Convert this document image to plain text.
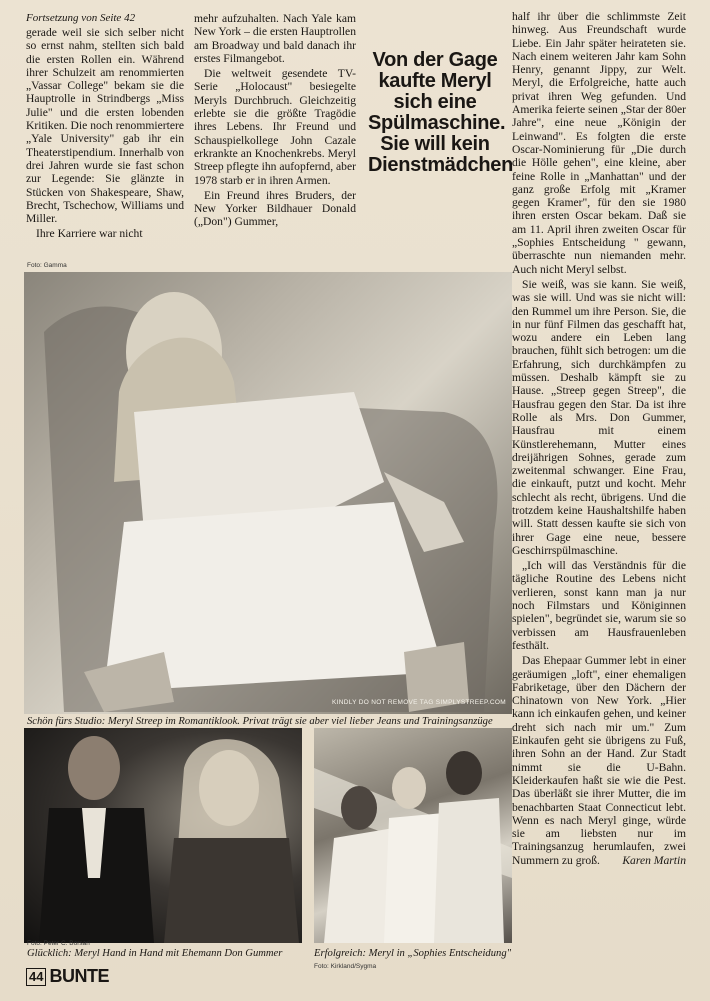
Fortsetzung von Seite 42

gerade weil sie sich selber nicht so ernst nahm, stellten sich bald die ersten Rollen ein. Während ihrer Schulzeit am renommierten „Vassar College" bekam sie die Hauptrolle in Strindbergs „Miss Julie" und die ersten lobenden Kritiken. Die noch renommiertere „Yale University" gab ihr ein Theaterstipendium. Innerhalb von drei Jahren wurde sie fast schon zur Legende: Sie glänzte in Stücken von Shakespeare, Shaw, Brecht, Tschechow, Williams und Miller.

Ihre Karriere war nicht

mehr aufzuhalten. Nach Yale kam New York – die ersten Hauptrollen am Broadway und bald danach ihr erstes Filmangebot.

Die weltweit gesendete TV-Serie „Holocaust" besiegelte Meryls Durchbruch. Gleichzeitig erlebte sie die größte Tragödie ihres Lebens. Ihr Freund und Schauspielkollege John Cazale erkrankte an Knochenkrebs. Meryl Streep pflegte ihn aufopfernd, aber 1978 starb er in ihren Armen.

Ein Freund ihres Bruders, der New Yorker Bildhauer Donald („Don") Gummer,

Von der Gage kaufte Meryl sich eine Spülmaschine. Sie will kein Dienstmädchen

half ihr über die schlimmste Zeit hinweg. Aus Freundschaft wurde Liebe. Ein Jahr später heirateten sie. Nach einem weiteren Jahr kam Sohn Henry, genannt Jippy, zur Welt. Meryl, die Erfolgreiche, hatte auch privat ihren Weg gefunden. Und Amerika feierte seinen „Star der 80er Jahre", eine neue „Königin der Leinwand". Es folgten die erste Oscar-Nominierung für „Die durch die Hölle gehen", eine kleine, aber feine Rolle in „Manhattan" und der ganz große Erfolg mit „Kramer gegen Kramer", für den sie 1980 ihren ersten Oscar bekam. Daß sie am 11. April ihren zweiten Oscar für „Sophies Entscheidung " gewann, überraschte nun niemanden mehr. Auch nicht Meryl selbst.

Sie weiß, was sie kann. Sie weiß, was sie will. Und was sie nicht will: den Rummel um ihre Person. Sie, die in nur fünf Filmen das geschafft hat, wozu andere ein Leben lang brauchen, fühlt sich betrogen: um die Erfahrung, sich durchkämpfen zu müssen. Deshalb kämpft sie zu Hause. „Streep gegen Streep", die Hausfrau gegen den Star. Da ist ihre Rolle als Mrs. Don Gummer, Hausfrau mit einem Künstlerehemann, Mutter eines dreijährigen Sohnes, gerade zum zweitenmal schwanger. Eine Frau, die einkauft, putzt und kocht. Mehr schlecht als recht, übrigens. Und die trotzdem keine Haushaltshilfe haben will. Statt dessen kaufte sie sich von ihrer Gage eine neue, bessere Geschirrspülmaschine.

„Ich will das Verständnis für die tägliche Routine des Lebens nicht verlieren, sonst kann man ja nur noch Filmstars und Königinnen spielen", begründet sie, warum sie so verbissen am Hausfrauenleben festhält.

Das Ehepaar Gummer lebt in einer geräumigen „loft", einer ehemaligen Fabriketage, über den Dächern der Chinatown von New York. „Hier kann ich einkaufen gehen, und keiner dreht sich nach mir um." Zum Einkaufen geht sie übrigens zu Fuß, ihren Sohn an der Hand. Zur Stadt nimmt sie die U-Bahn. Kleiderkaufen haßt sie wie die Pest. Das überläßt sie ihrer Mutter, die im benachbarten Staat Connecticut lebt. Wenn es nach Meryl ginge, würde sie am liebsten nur im Trainingsanzug herumlaufen, zwei Nummern zu groß.	Karen Martin

Foto: Gamma
KINDLY DO NOT REMOVE TAG SIMPLYSTREEP.COM
Schön fürs Studio: Meryl Streep im Romantiklook. Privat trägt sie aber viel lieber Jeans und Trainingsanzüge
Foto: Peter C. Borsari
Glücklich: Meryl Hand in Hand mit Ehemann Don Gummer
Foto: Kirkland/Sygma
Erfolgreich: Meryl in „Sophies Entscheidung"
44 BUNTE
